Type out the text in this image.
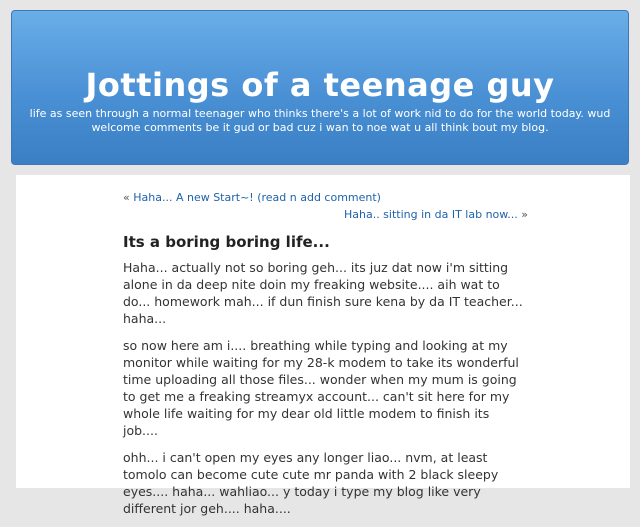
Jottings of a teenage guy
life as seen through a normal teenager who thinks there's a lot of work nid to do for the world today. wud welcome comments be it gud or bad cuz i wan to noe wat u all think bout my blog.
« Haha... A new Start~! (read n add comment)
Haha.. sitting in da IT lab now... »
Its a boring boring life...

Haha... actually not so boring geh... its juz dat now i'm sitting alone in da deep nite doin my freaking website.... aih wat to do... homework mah... if dun finish sure kena by da IT teacher... haha...

so now here am i.... breathing while typing and looking at my monitor while waiting for my 28-k modem to take its wonderful time uploading all those files... wonder when my mum is going to get me a freaking streamyx account... can't sit here for my whole life waiting for my dear old little modem to finish its job....

ohh... i can't open my eyes any longer liao... nvm, at least tomolo can become cute cute mr panda with 2 black sleepy eyes.... haha... wahliao... y today i type my blog like very different jor geh.... haha....
